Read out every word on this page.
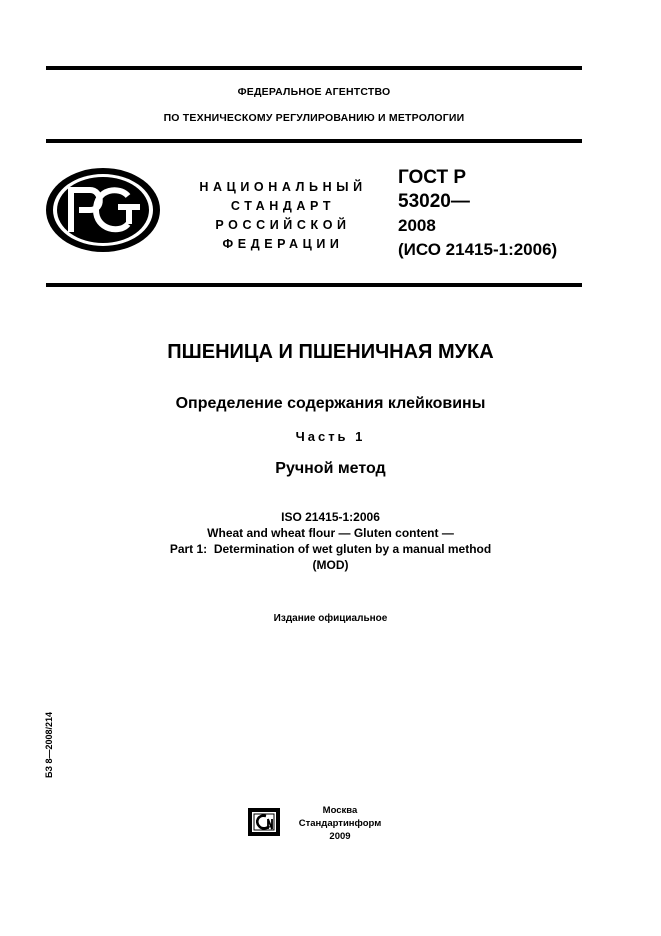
ФЕДЕРАЛЬНОЕ АГЕНТСТВО
ПО ТЕХНИЧЕСКОМУ РЕГУЛИРОВАНИЮ И МЕТРОЛОГИИ
НАЦИОНАЛЬНЫЙ
СТАНДАРТ
РОССИЙСКОЙ
ФЕДЕРАЦИИ
ГОСТ Р
53020—
2008
(ИСО 21415-1:2006)
ПШЕНИЦА И ПШЕНИЧНАЯ МУКА
Определение содержания клейковины
Часть 1
Ручной метод
ISO 21415-1:2006
Wheat and wheat flour — Gluten content —
Part 1:  Determination of wet gluten by a manual method
(MOD)
Издание официальное
БЗ 8—2008/214
Москва
Стандартинформ
2009
